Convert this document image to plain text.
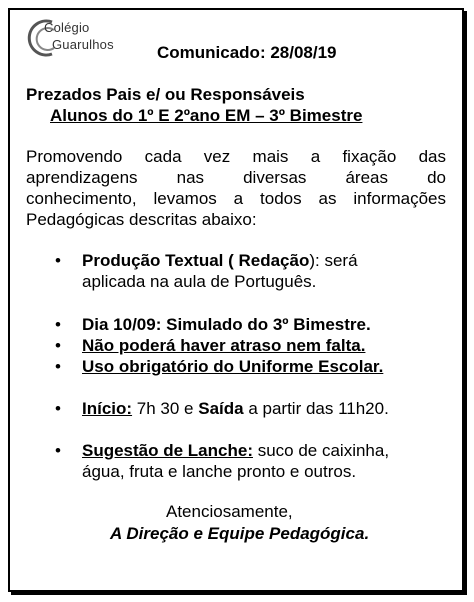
Colégio
Guarulhos	Comunicado: 28/08/19
Prezados Pais e/ ou Responsáveis
Alunos do 1º E 2ºano EM – 3º Bimestre
Promovendo cada vez mais a fixação das
aprendizagens nas diversas áreas do
conhecimento, levamos a todos as informações
Pedagógicas descritas abaixo:
• Produção Textual ( Redação): será
aplicada na aula de Português.
• Dia 10/09: Simulado do 3º Bimestre.
• Não poderá haver atraso nem falta.
• Uso obrigatório do Uniforme Escolar.
• Início: 7h 30 e Saída a partir das 11h20.
• Sugestão de Lanche: suco de caixinha,
água, fruta e lanche pronto e outros.
Atenciosamente,
A Direção e Equipe Pedagógica.
